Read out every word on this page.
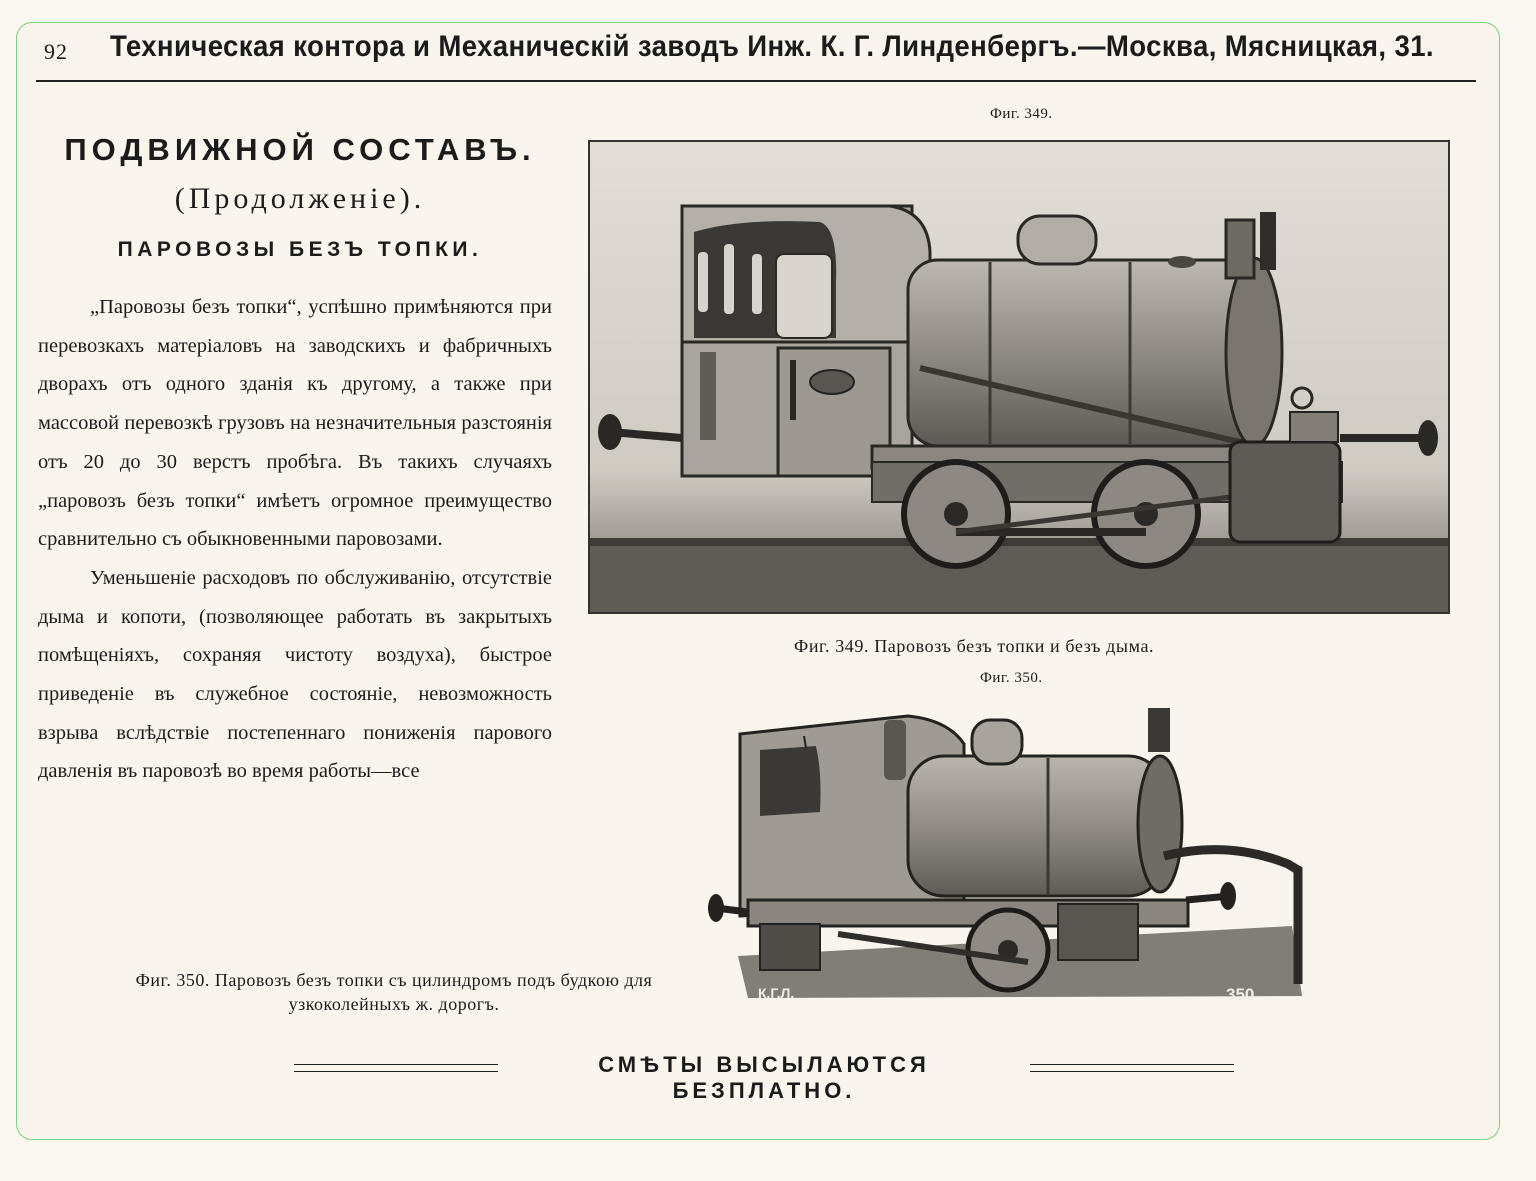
92 Техническая контора и Механическій заводъ Инж. К. Г. Линденбергъ.—Москва, Мясницкая, 31.
ПОДВИЖНОЙ СОСТАВЪ.
(Продолженіе).
ПАРОВОЗЫ БЕЗЪ ТОПКИ.

„Паровозы безъ топки“, успѣшно примѣняются при перевозкахъ матеріаловъ на заводскихъ и фабричныхъ дворахъ отъ одного зданія къ другому, а также при массовой перевозкѣ грузовъ на незначительныя разстоянія отъ 20 до 30 верстъ пробѣга. Въ такихъ случаяхъ „паровозъ безъ топки“ имѣетъ огромное преимущество сравнительно съ обыкновенными паровозами.

Уменьшеніе расходовъ по обслуживанію, отсутствіе дыма и копоти, (позволяющее работать въ закрытыхъ помѣщеніяхъ, сохраняя чистоту воздуха), быстрое приведеніе въ служебное состояніе, невозможность взрыва вслѣдствіе постепеннаго пониженія парового давленія въ паровозѣ во время работы—все

Фиг. 349.
Фиг. 349. Паровозъ безъ топки и безъ дыма.
Фиг. 350.
К.Г.Л.	350
Фиг. 350. Паровозъ безъ топки съ цилиндромъ подъ будкою для узкоколейныхъ ж. дорогъ.
СМѢТЫ ВЫСЫЛАЮТСЯ БЕЗПЛАТНО.
